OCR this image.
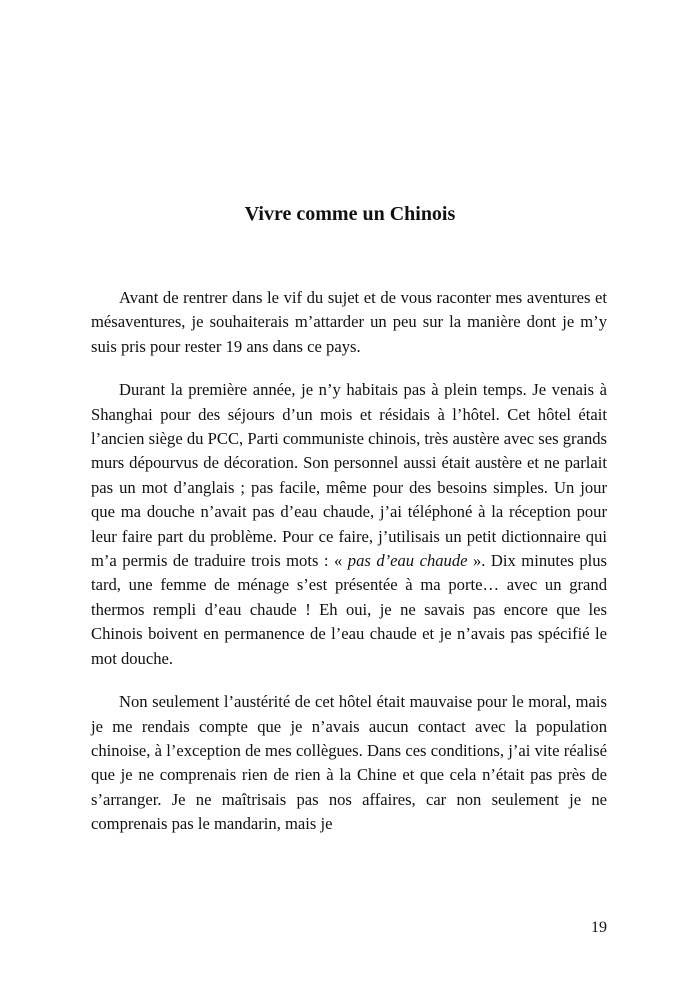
Vivre comme un Chinois

Avant de rentrer dans le vif du sujet et de vous raconter mes aventures et mésaventures, je souhaiterais m’attarder un peu sur la manière dont je m’y suis pris pour rester 19 ans dans ce pays.

Durant la première année, je n’y habitais pas à plein temps. Je venais à Shanghai pour des séjours d’un mois et résidais à l’hôtel. Cet hôtel était l’ancien siège du PCC, Parti communiste chinois, très austère avec ses grands murs dépourvus de décoration. Son personnel aussi était austère et ne parlait pas un mot d’anglais ; pas facile, même pour des besoins simples. Un jour que ma douche n’avait pas d’eau chaude, j’ai téléphoné à la réception pour leur faire part du problème. Pour ce faire, j’utilisais un petit dictionnaire qui m’a permis de traduire trois mots : « pas d’eau chaude ». Dix minutes plus tard, une femme de ménage s’est présentée à ma porte… avec un grand thermos rempli d’eau chaude ! Eh oui, je ne savais pas encore que les Chinois boivent en permanence de l’eau chaude et je n’avais pas spécifié le mot douche.

Non seulement l’austérité de cet hôtel était mauvaise pour le moral, mais je me rendais compte que je n’avais aucun contact avec la population chinoise, à l’exception de mes collègues. Dans ces conditions, j’ai vite réalisé que je ne comprenais rien de rien à la Chine et que cela n’était pas près de s’arranger. Je ne maîtrisais pas nos affaires, car non seulement je ne comprenais pas le mandarin, mais je

19
